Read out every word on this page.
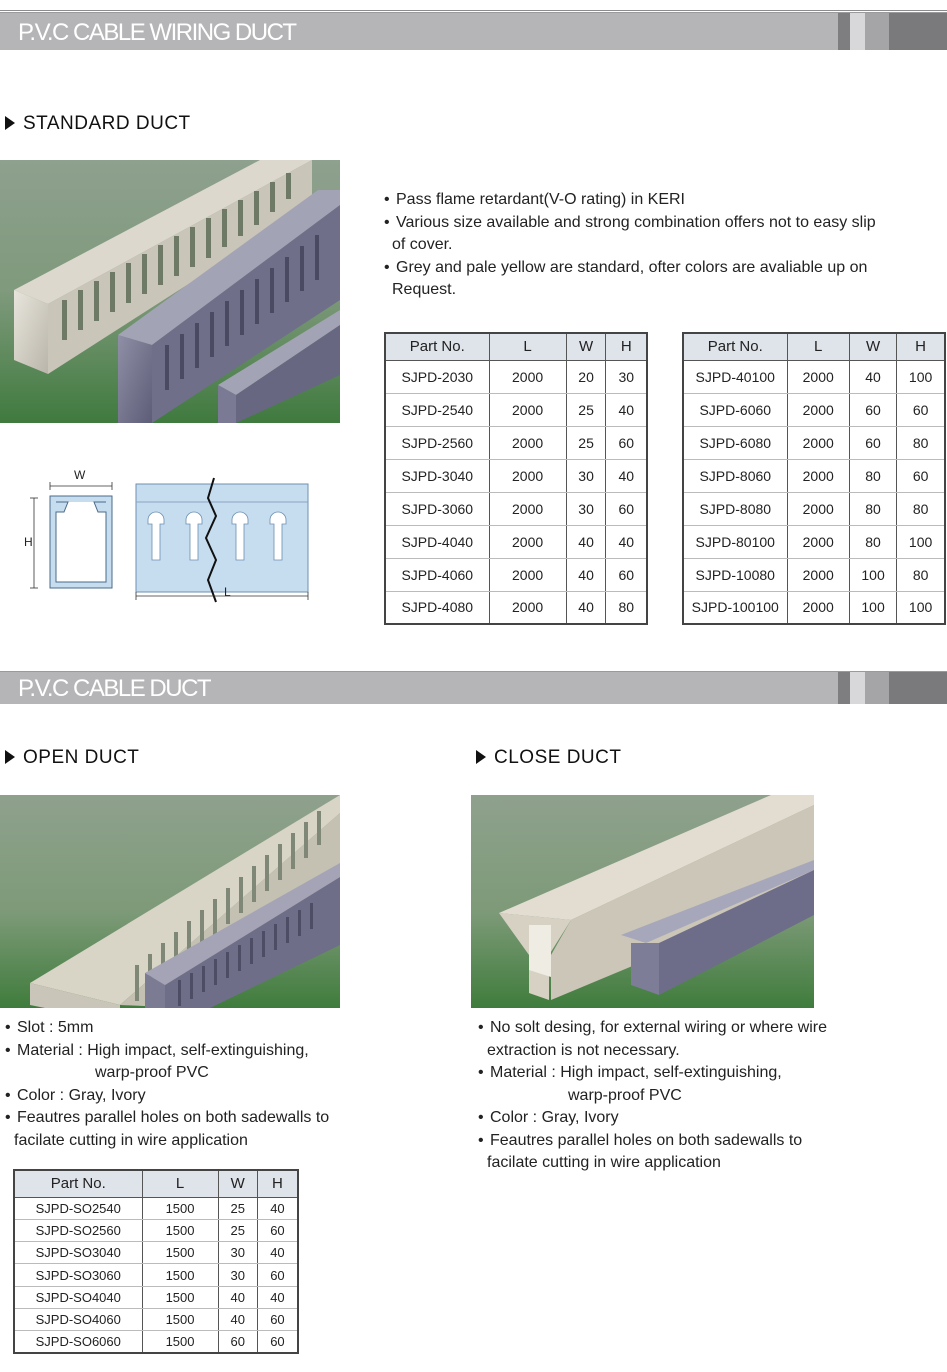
P.V.C CABLE WIRING DUCT
STANDARD DUCT
W
H
L
• Pass flame retardant(V-O rating) in KERI
• Various size available and strong combination offers not to easy slip
of cover.
• Grey and pale yellow are standard, ofter colors are avaliable up on
Request.
Part No.	L	W	H
SJPD-2030	2000	20	30
SJPD-2540	2000	25	40
SJPD-2560	2000	25	60
SJPD-3040	2000	30	40
SJPD-3060	2000	30	60
SJPD-4040	2000	40	40
SJPD-4060	2000	40	60
SJPD-4080	2000	40	80
Part No.	L	W	H
SJPD-40100	2000	40	100
SJPD-6060	2000	60	60
SJPD-6080	2000	60	80
SJPD-8060	2000	80	60
SJPD-8080	2000	80	80
SJPD-80100	2000	80	100
SJPD-10080	2000	100	80
SJPD-100100	2000	100	100
P.V.C CABLE DUCT
OPEN DUCT	CLOSE DUCT
• Slot : 5mm
• Material : High impact, self-extinguishing,
warp-proof PVC
• Color : Gray, Ivory
• Feautres parallel holes on both sadewalls to
facilate cutting in wire application
• No solt desing, for external wiring or where wire
extraction is not necessary.
• Material : High impact, self-extinguishing,
warp-proof PVC
• Color : Gray, Ivory
• Feautres parallel holes on both sadewalls to
facilate cutting in wire application
Part No.	L	W	H
SJPD-SO2540	1500	25	40
SJPD-SO2560	1500	25	60
SJPD-SO3040	1500	30	40
SJPD-SO3060	1500	30	60
SJPD-SO4040	1500	40	40
SJPD-SO4060	1500	40	60
SJPD-SO6060	1500	60	60
